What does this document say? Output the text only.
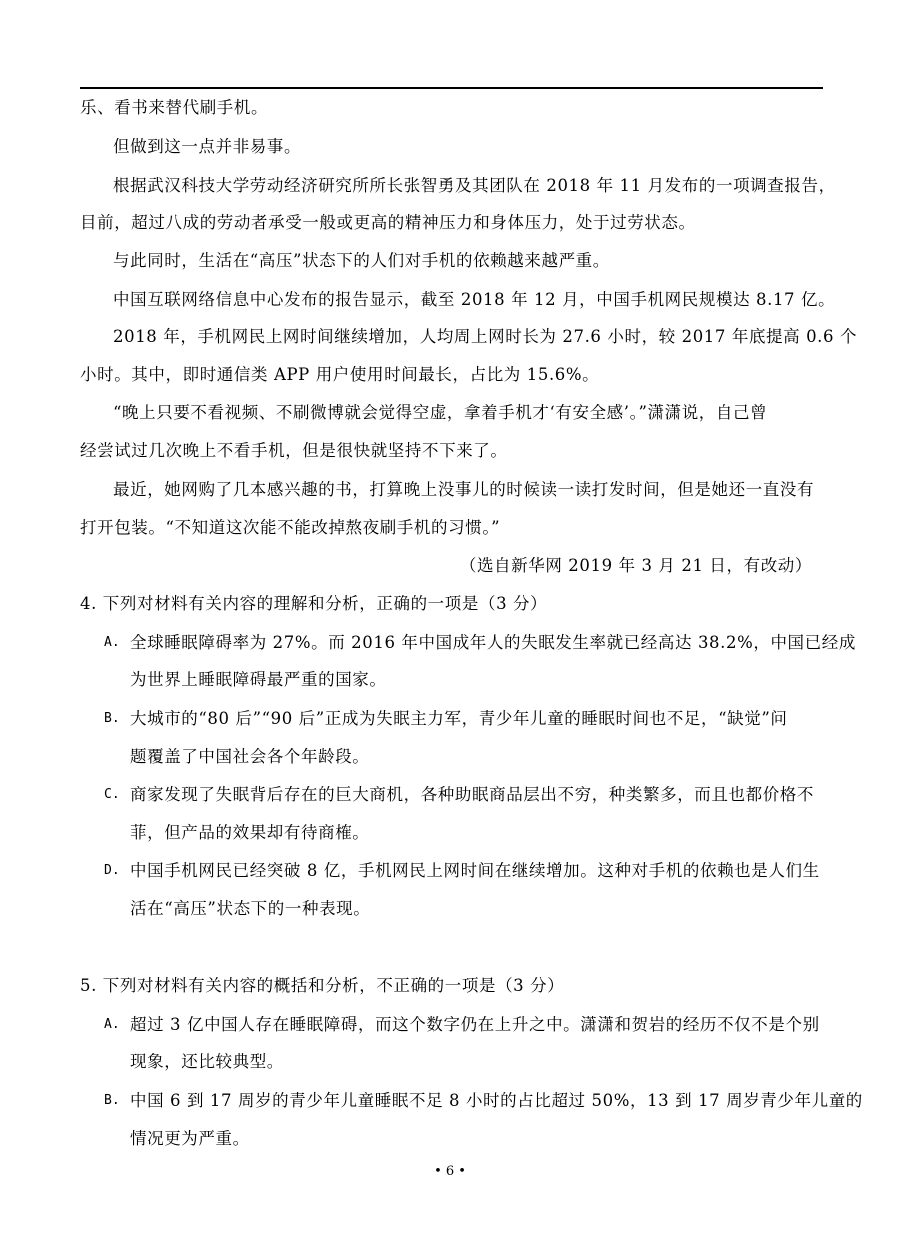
乐、看书来替代刷手机。
但做到这一点并非易事。
根据武汉科技大学劳动经济研究所所长张智勇及其团队在 2018 年 11 月发布的一项调查报告，
目前，超过八成的劳动者承受一般或更高的精神压力和身体压力，处于过劳状态。
与此同时，生活在“高压”状态下的人们对手机的依赖越来越严重。
中国互联网络信息中心发布的报告显示，截至 2018 年 12 月，中国手机网民规模达 8.17 亿。
2018 年，手机网民上网时间继续增加，人均周上网时长为 27.6 小时，较 2017 年底提高 0.6 个
小时。其中，即时通信类 APP 用户使用时间最长，占比为 15.6%。
“晚上只要不看视频、不刷微博就会觉得空虚，拿着手机才‘有安全感’。”潇潇说，自己曾
经尝试过几次晚上不看手机，但是很快就坚持不下来了。
最近，她网购了几本感兴趣的书，打算晚上没事儿的时候读一读打发时间，但是她还一直没有
打开包装。“不知道这次能不能改掉熬夜刷手机的习惯。”
（选自新华网 2019 年 3 月 21 日，有改动）
4. 下列对材料有关内容的理解和分析，正确的一项是（3 分）
A. 全球睡眠障碍率为 27%。而 2016 年中国成年人的失眠发生率就已经高达 38.2%，中国已经成
为世界上睡眠障碍最严重的国家。
B. 大城市的“80 后”“90 后”正成为失眠主力军，青少年儿童的睡眠时间也不足，“缺觉”问
题覆盖了中国社会各个年龄段。
C. 商家发现了失眠背后存在的巨大商机，各种助眠商品层出不穷，种类繁多，而且也都价格不
菲，但产品的效果却有待商榷。
D. 中国手机网民已经突破 8 亿，手机网民上网时间在继续增加。这种对手机的依赖也是人们生
活在“高压”状态下的一种表现。
5. 下列对材料有关内容的概括和分析，不正确的一项是（3 分）
A. 超过 3 亿中国人存在睡眠障碍，而这个数字仍在上升之中。潇潇和贺岩的经历不仅不是个别
现象，还比较典型。
B. 中国 6 到 17 周岁的青少年儿童睡眠不足 8 小时的占比超过 50%，13 到 17 周岁青少年儿童的
情况更为严重。
• 6 •
